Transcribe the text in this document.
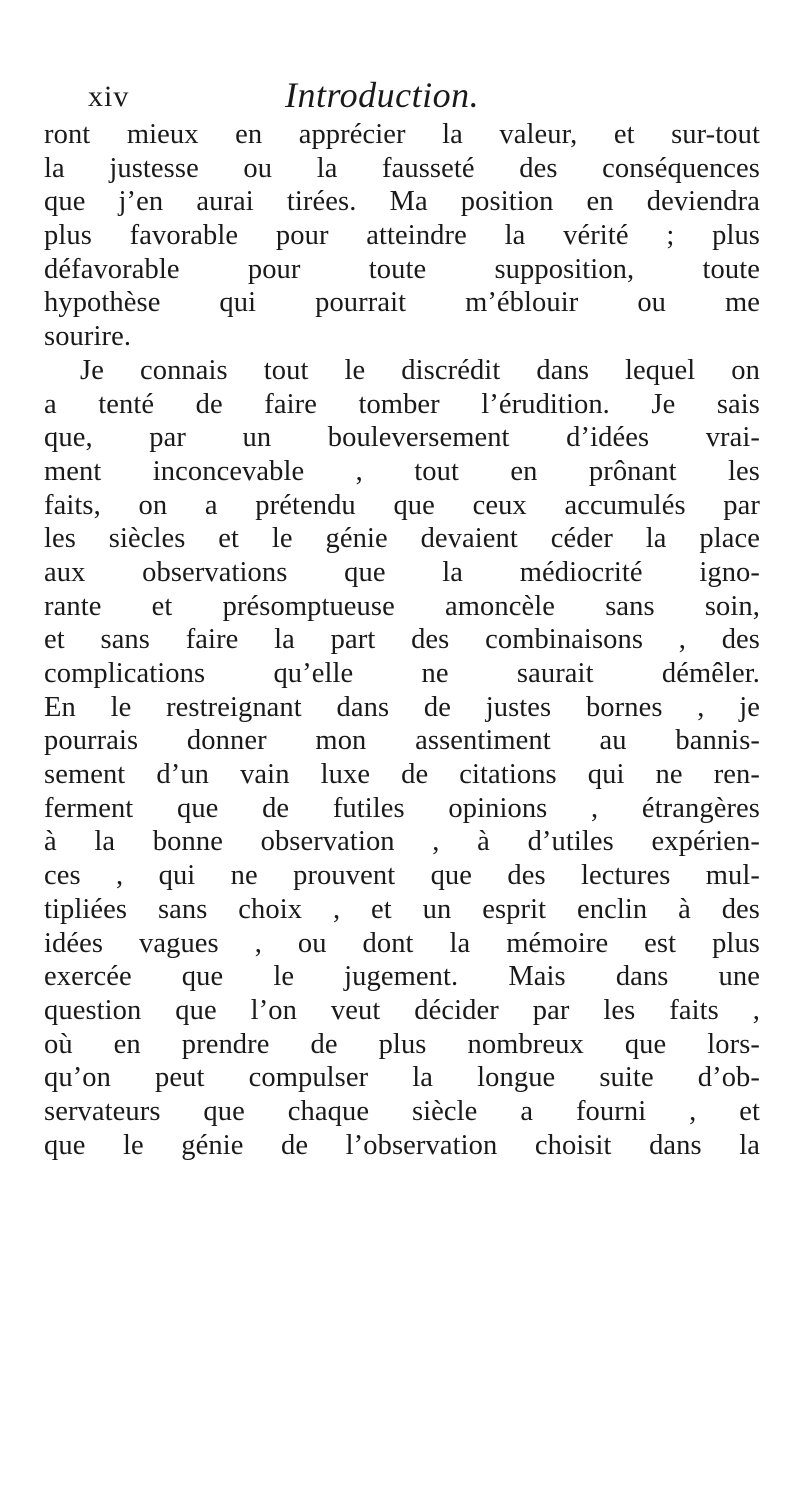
xiv	Introduction.
ront mieux en apprécier la valeur, et sur-tout
la justesse ou la fausseté des conséquences
que j’en aurai tirées. Ma position en deviendra
plus favorable pour atteindre la vérité ; plus
défavorable pour toute supposition, toute
hypothèse qui pourrait m’éblouir ou me
sourire.
Je connais tout le discrédit dans lequel on
a tenté de faire tomber l’érudition. Je sais
que, par un bouleversement d’idées vrai-
ment inconcevable , tout en prônant les
faits, on a prétendu que ceux accumulés par
les siècles et le génie devaient céder la place
aux observations que la médiocrité igno-
rante et présomptueuse amoncèle sans soin,
et sans faire la part des combinaisons , des
complications qu’elle ne saurait démêler.
En le restreignant dans de justes bornes , je
pourrais donner mon assentiment au bannis-
sement d’un vain luxe de citations qui ne ren-
ferment que de futiles opinions , étrangères
à la bonne observation , à d’utiles expérien-
ces , qui ne prouvent que des lectures mul-
tipliées sans choix , et un esprit enclin à des
idées vagues , ou dont la mémoire est plus
exercée que le jugement. Mais dans une
question que l’on veut décider par les faits ,
où en prendre de plus nombreux que lors-
qu’on peut compulser la longue suite d’ob-
servateurs que chaque siècle a fourni , et
que le génie de l’observation choisit dans la
